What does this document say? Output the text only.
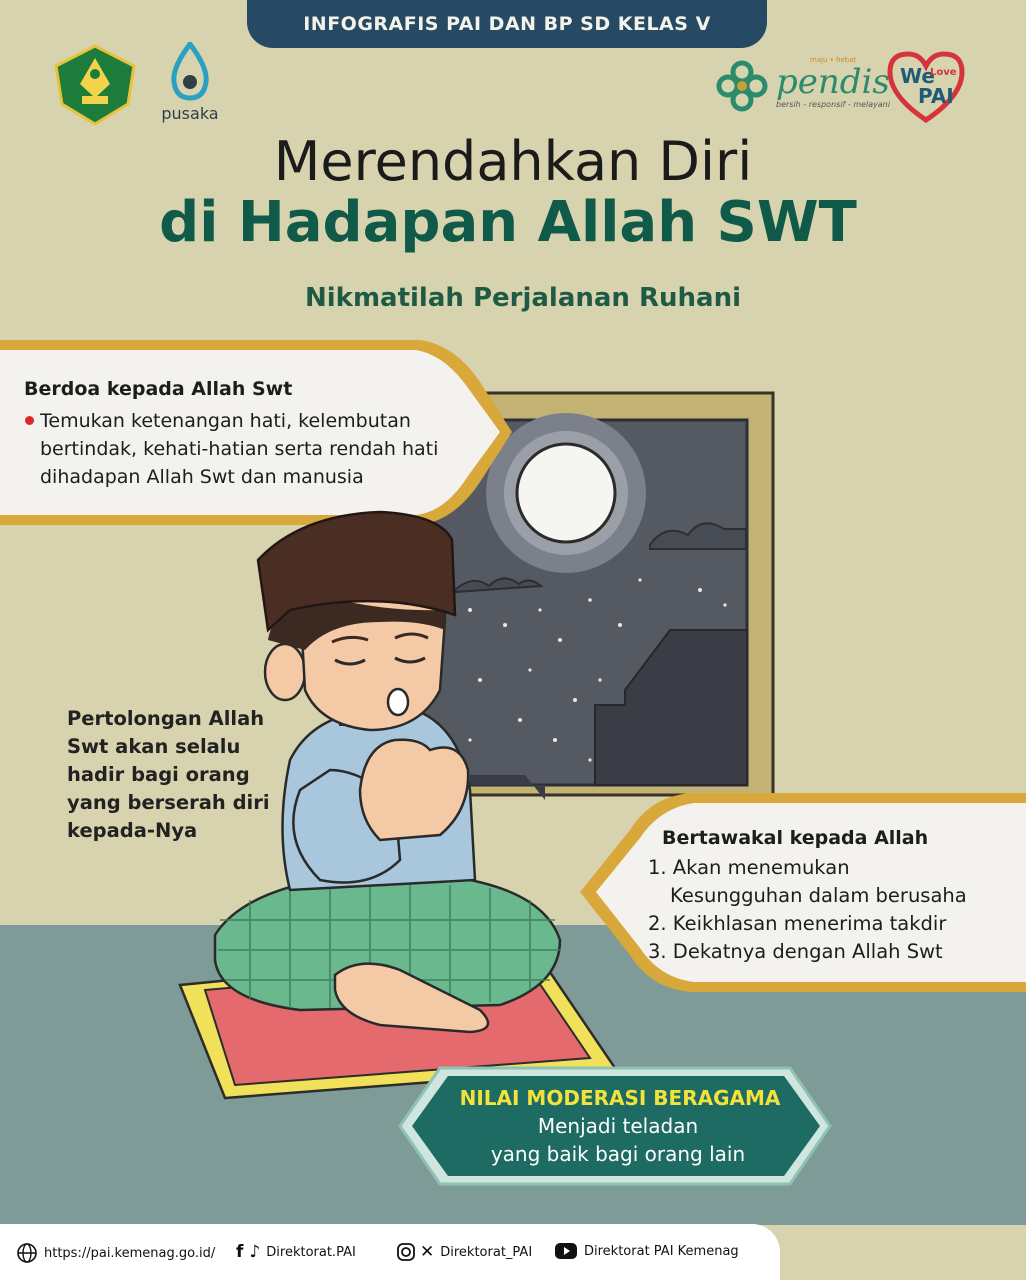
INFOGRAFIS PAI DAN BP SD KELAS V
pusaka
maju • hebat
pendis
bersih - responsif - melayani
We
Love
PAI
Merendahkan Diri
di Hadapan Allah SWT
Nikmatilah Perjalanan Ruhani
Berdoa kepada Allah Swt
Temukan ketenangan hati, kelembutan bertindak, kehati-hatian serta rendah hati dihadapan Allah Swt dan manusia
Pertolongan Allah Swt akan selalu hadir bagi orang yang berserah diri kepada-Nya	Bertawakal kepada Allah
1. Akan menemukan
Kesungguhan dalam berusaha
2. Keikhlasan menerima takdir
3. Dekatnya dengan Allah Swt
NILAI MODERASI BERAGAMA
Menjadi teladan
yang baik bagi orang lain
https://pai.kemenag.go.id/ f ♪ Direktorat.PAI	✕ Direktorat_PAI	Direktorat PAI Kemenag
